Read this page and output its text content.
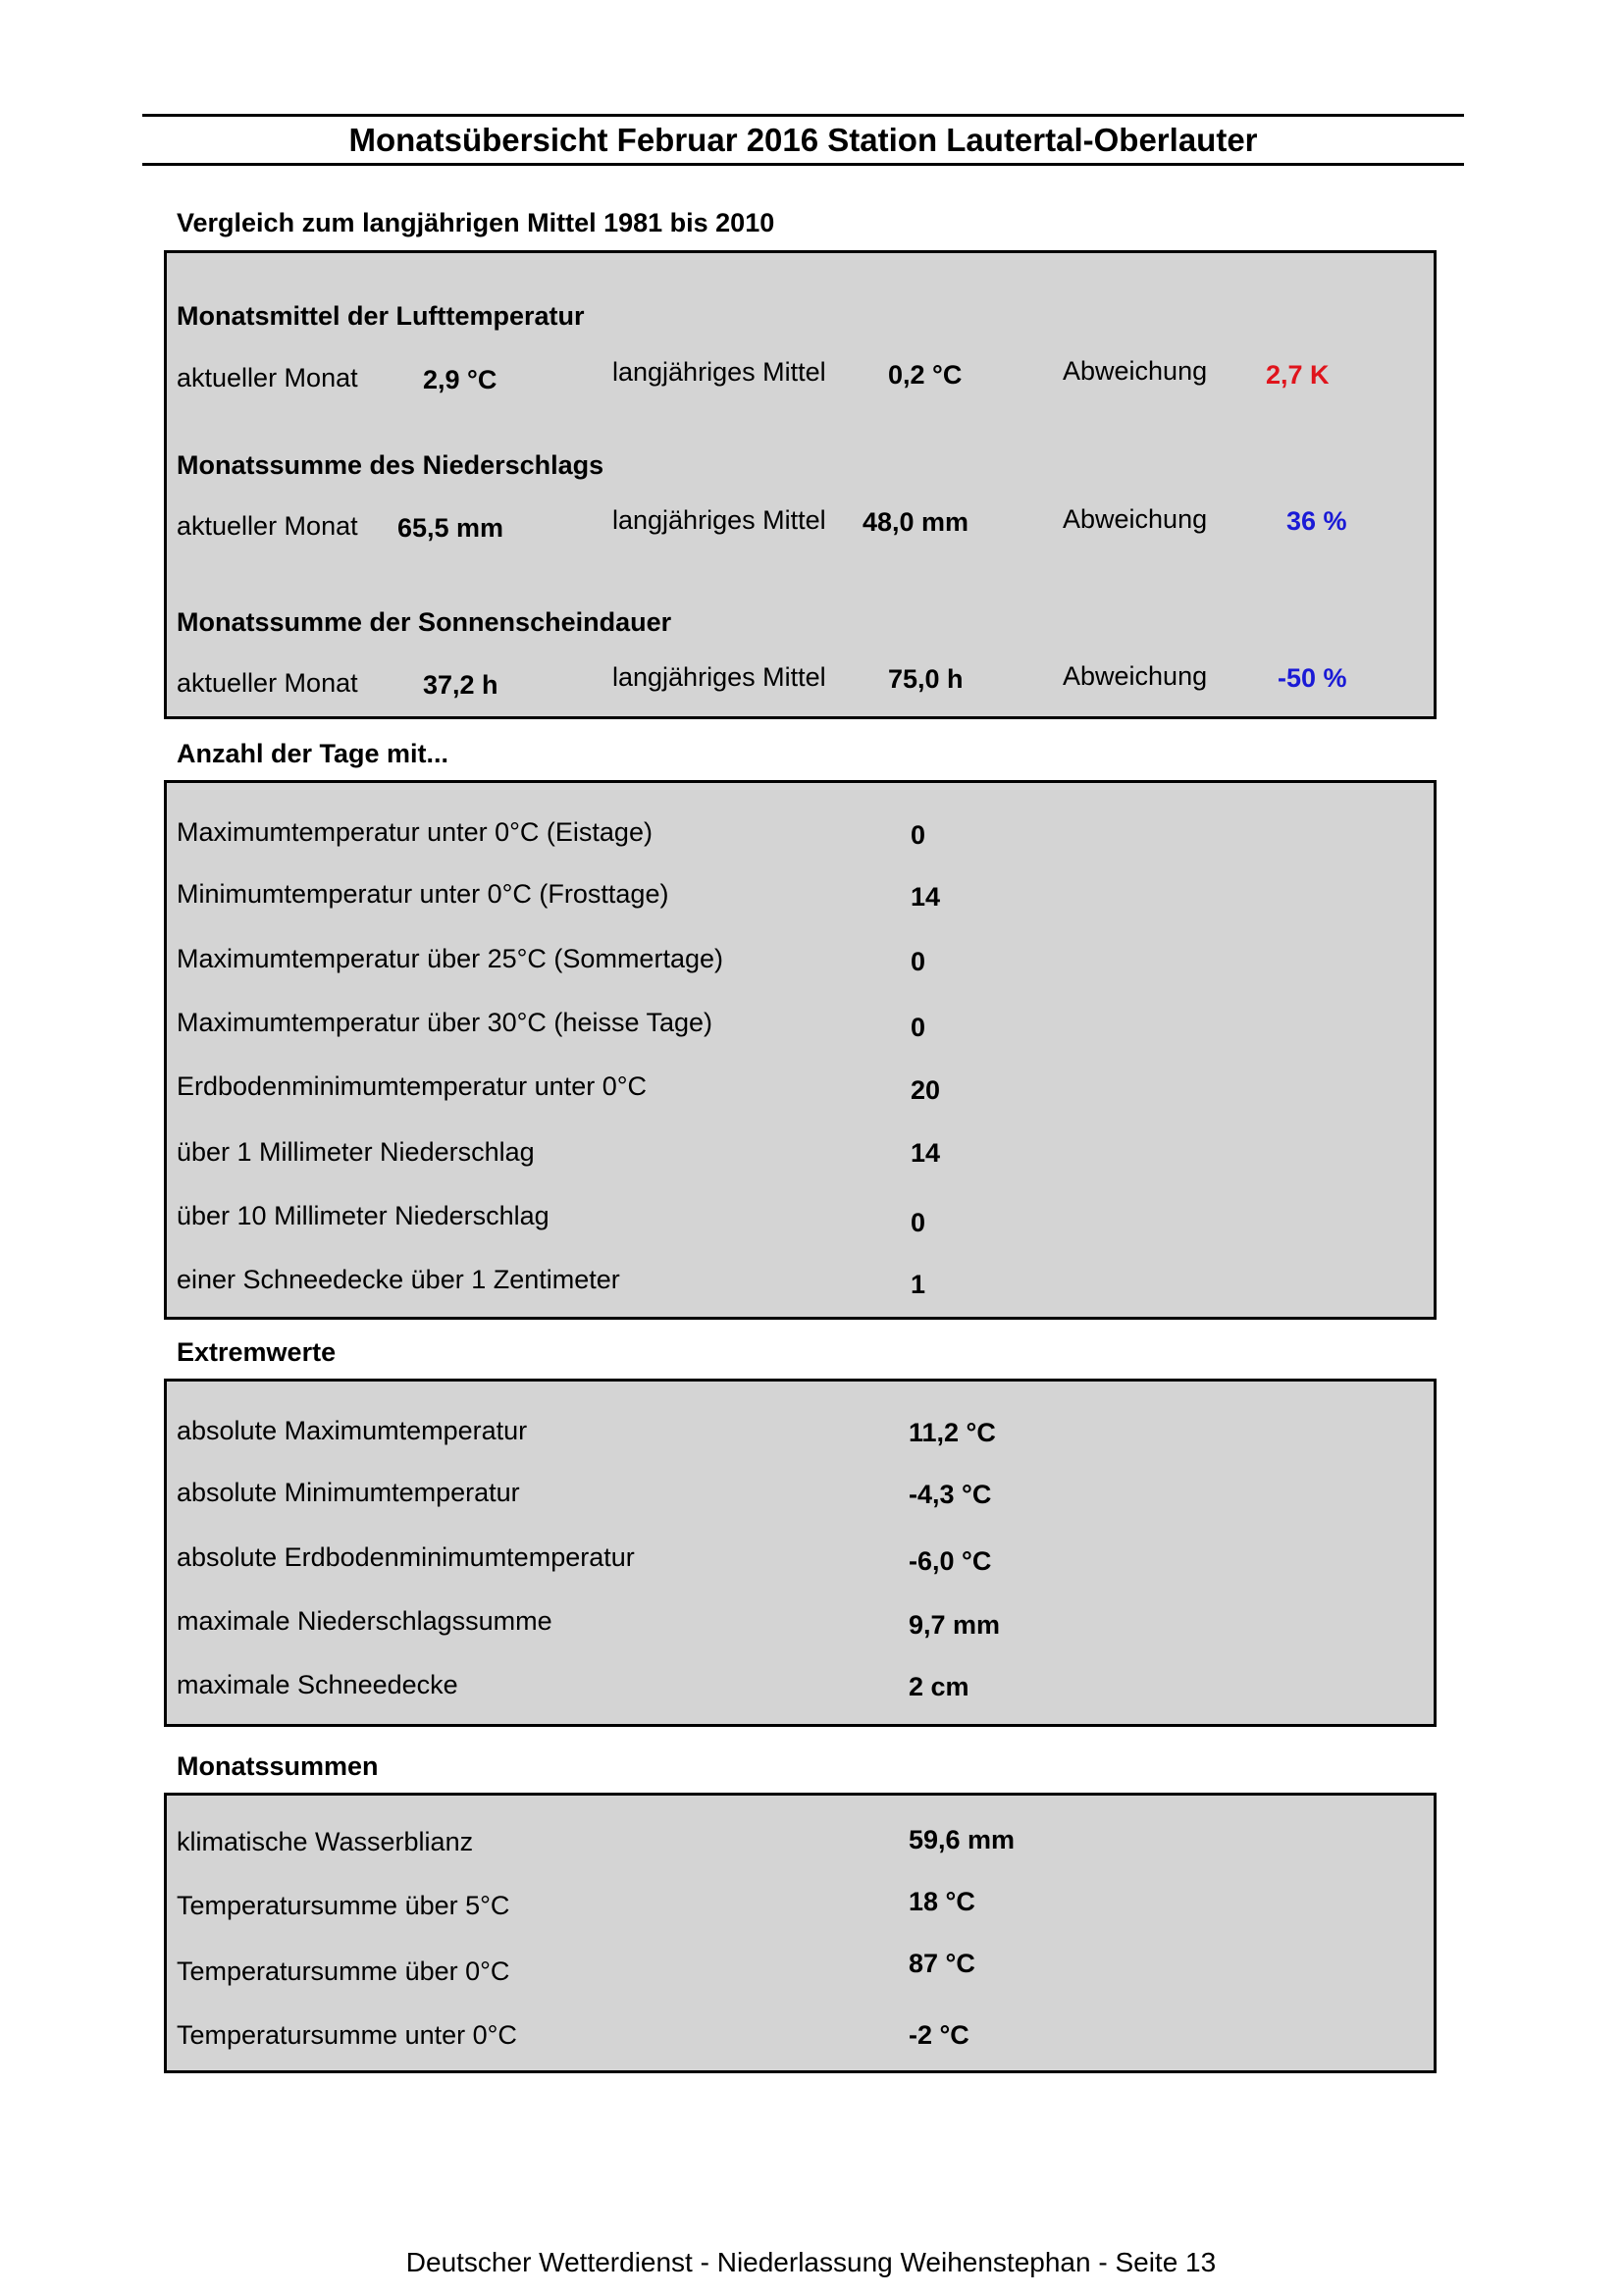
Monatsübersicht Februar 2016 Station Lautertal-Oberlauter
Vergleich zum langjährigen Mittel 1981 bis 2010
Monatsmittel der Lufttemperatur
aktueller Monat 2,9 °C	langjähriges Mittel 0,2 °C	Abweichung 2,7 K
Monatssumme des Niederschlags
aktueller Monat 65,5 mm	langjähriges Mittel 48,0 mm	Abweichung	36 %
Monatssumme der Sonnenscheindauer
aktueller Monat 37,2 h	langjähriges Mittel 75,0 h	Abweichung	-50 %
Anzahl der Tage mit...
Maximumtemperatur unter 0°C (Eistage)	0
Minimumtemperatur unter 0°C (Frosttage)	14
Maximumtemperatur über 25°C (Sommertage)	0
Maximumtemperatur über 30°C (heisse Tage)	0
Erdbodenminimumtemperatur unter 0°C	20
über 1 Millimeter Niederschlag	14
über 10 Millimeter Niederschlag	0
einer Schneedecke über 1 Zentimeter	1
Extremwerte
absolute Maximumtemperatur	11,2 °C
absolute Minimumtemperatur	-4,3 °C
absolute Erdbodenminimumtemperatur	-6,0 °C
maximale Niederschlagssumme	9,7 mm
maximale Schneedecke	2 cm
Monatssummen
klimatische Wasserblianz	59,6 mm
Temperatursumme über 5°C	18 °C
Temperatursumme über 0°C	87 °C
Temperatursumme unter 0°C	-2 °C
Deutscher Wetterdienst - Niederlassung Weihenstephan - Seite 13
